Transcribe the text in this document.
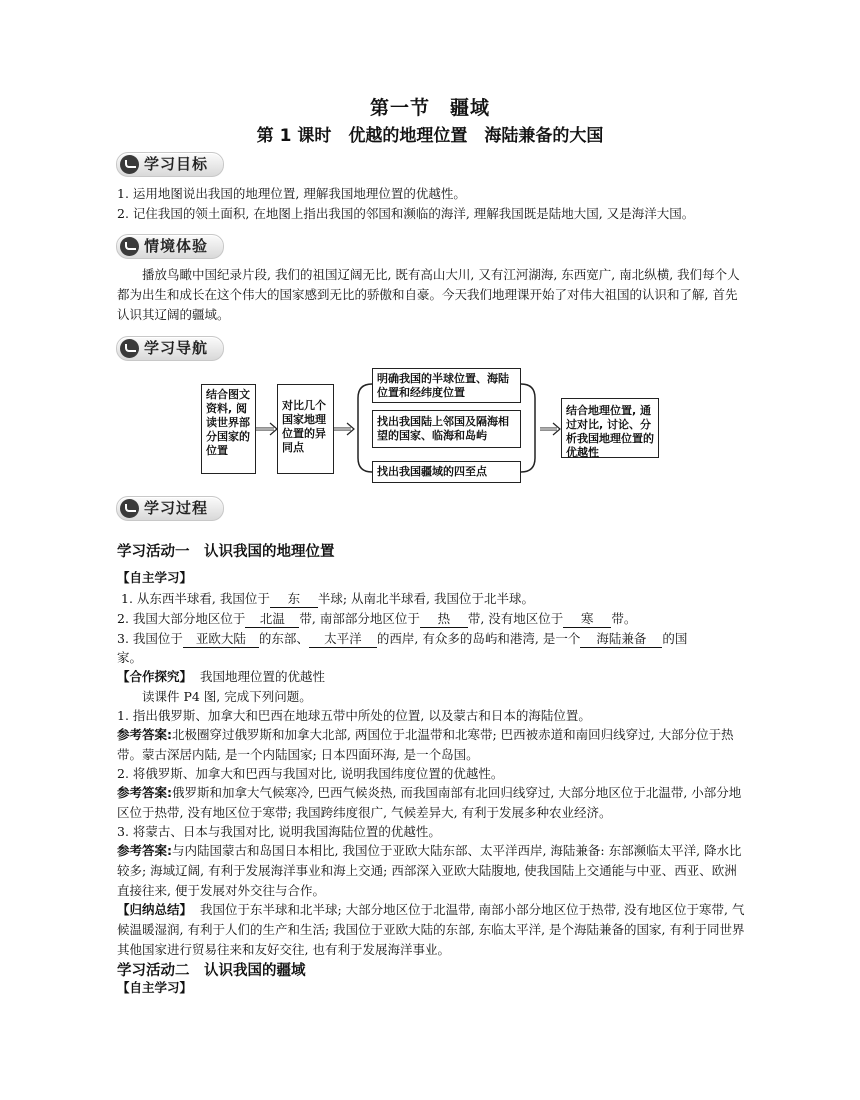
第一节　疆域
第 1 课时　优越的地理位置　海陆兼备的大国
学习目标
1. 运用地图说出我国的地理位置, 理解我国地理位置的优越性。
2. 记住我国的领土面积, 在地图上指出我国的邻国和濒临的海洋, 理解我国既是陆地大国, 又是海洋大国。
情境体验
播放鸟瞰中国纪录片段, 我们的祖国辽阔无比, 既有高山大川, 又有江河湖海, 东西宽广, 南北纵横, 我们每个人都为出生和成长在这个伟大的国家感到无比的骄傲和自豪。今天我们地理课开始了对伟大祖国的认识和了解, 首先认识其辽阔的疆域。
学习导航
结合图文资料, 阅读世界部分国家的位置
对比几个国家地理位置的异同点
明确我国的半球位置、海陆位置和经纬度位置
找出我国陆上邻国及隔海相望的国家、临海和岛屿
找出我国疆域的四至点
结合地理位置, 通过对比, 讨论、分析我国地理位置的优越性
学习过程
学习活动一　认识我国的地理位置
【自主学习】
1. 从东西半球看, 我国位于 东 半球; 从南北半球看, 我国位于北半球。
2. 我国大部分地区位于 北温 带, 南部部分地区位于 热 带, 没有地区位于 寒 带。
3. 我国位于 亚欧大陆 的东部、 太平洋 的西岸, 有众多的岛屿和港湾, 是一个 海陆兼备 的国
家。
【合作探究】 我国地理位置的优越性
读课件 P4 图, 完成下列问题。
1. 指出俄罗斯、加拿大和巴西在地球五带中所处的位置, 以及蒙古和日本的海陆位置。
参考答案:北极圈穿过俄罗斯和加拿大北部, 两国位于北温带和北寒带; 巴西被赤道和南回归线穿过, 大部分位于热带。蒙古深居内陆, 是一个内陆国家; 日本四面环海, 是一个岛国。
2. 将俄罗斯、加拿大和巴西与我国对比, 说明我国纬度位置的优越性。
参考答案:俄罗斯和加拿大气候寒冷, 巴西气候炎热, 而我国南部有北回归线穿过, 大部分地区位于北温带, 小部分地区位于热带, 没有地区位于寒带; 我国跨纬度很广, 气候差异大, 有利于发展多种农业经济。
3. 将蒙古、日本与我国对比, 说明我国海陆位置的优越性。
参考答案:与内陆国蒙古和岛国日本相比, 我国位于亚欧大陆东部、太平洋西岸, 海陆兼备: 东部濒临太平洋, 降水比较多; 海域辽阔, 有利于发展海洋事业和海上交通; 西部深入亚欧大陆腹地, 使我国陆上交通能与中亚、西亚、欧洲直接往来, 便于发展对外交往与合作。
【归纳总结】 我国位于东半球和北半球; 大部分地区位于北温带, 南部小部分地区位于热带, 没有地区位于寒带, 气候温暖湿润, 有利于人们的生产和生活; 我国位于亚欧大陆的东部, 东临太平洋, 是个海陆兼备的国家, 有利于同世界其他国家进行贸易往来和友好交往, 也有利于发展海洋事业。
学习活动二　认识我国的疆域
【自主学习】
